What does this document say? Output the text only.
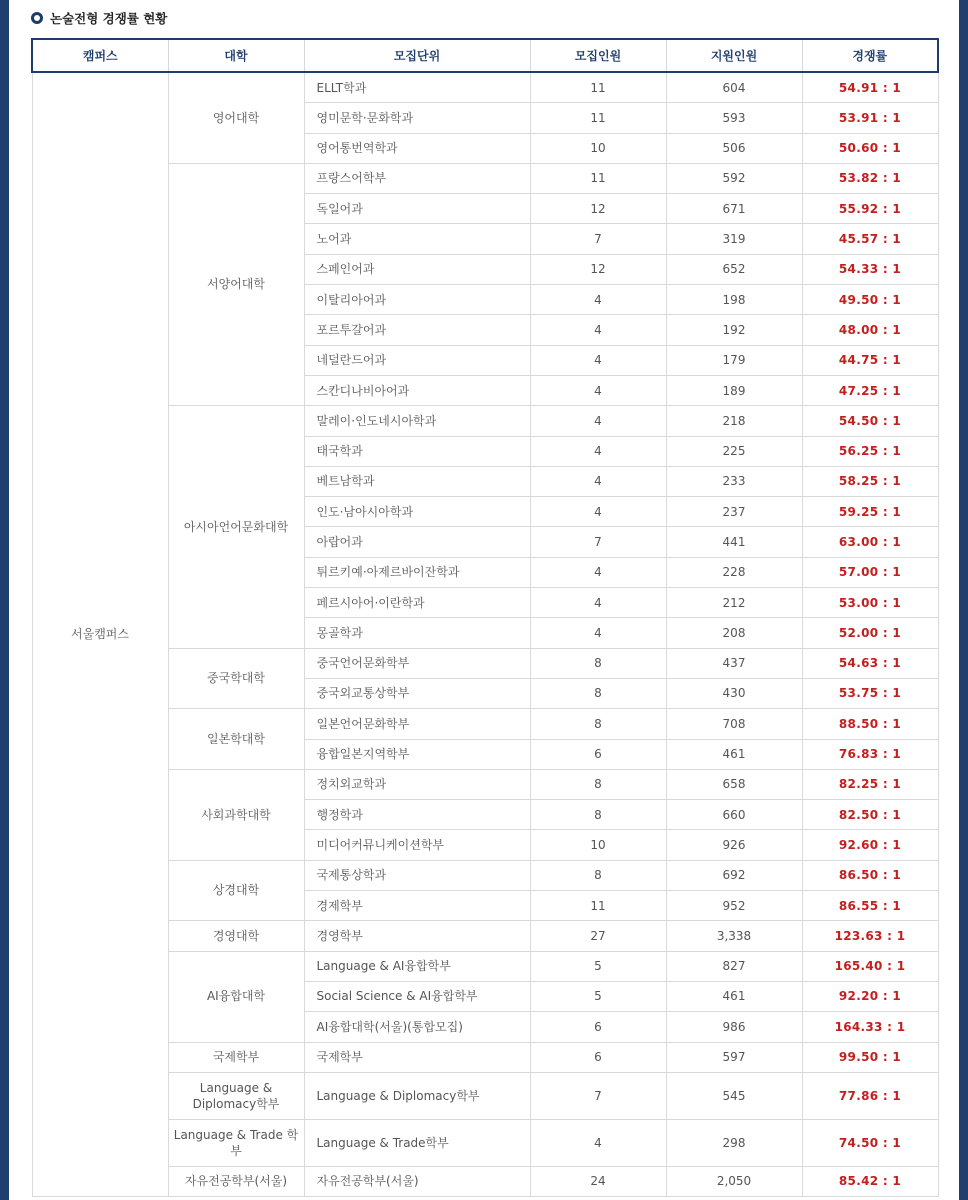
논술전형 경쟁률 현황
캠퍼스	대학	모집단위	모집인원	지원인원	경쟁률
서울캠퍼스	영어대학	ELLT학과	11	604	54.91 : 1
		영미문학·문화학과	11	593	53.91 : 1
		영어통번역학과	10	506	50.60 : 1
	서양어대학	프랑스어학부	11	592	53.82 : 1
		독일어과	12	671	55.92 : 1
		노어과	7	319	45.57 : 1
		스페인어과	12	652	54.33 : 1
		이탈리아어과	4	198	49.50 : 1
		포르투갈어과	4	192	48.00 : 1
		네덜란드어과	4	179	44.75 : 1
		스칸디나비아어과	4	189	47.25 : 1
	아시아언어문화대학	말레이·인도네시아학과	4	218	54.50 : 1
		태국학과	4	225	56.25 : 1
		베트남학과	4	233	58.25 : 1
		인도·남아시아학과	4	237	59.25 : 1
		아랍어과	7	441	63.00 : 1
		튀르키예·아제르바이잔학과	4	228	57.00 : 1
		페르시아어·이란학과	4	212	53.00 : 1
		몽골학과	4	208	52.00 : 1
	중국학대학	중국언어문화학부	8	437	54.63 : 1
		중국외교통상학부	8	430	53.75 : 1
	일본학대학	일본언어문화학부	8	708	88.50 : 1
		융합일본지역학부	6	461	76.83 : 1
	사회과학대학	정치외교학과	8	658	82.25 : 1
		행정학과	8	660	82.50 : 1
		미디어커뮤니케이션학부	10	926	92.60 : 1
	상경대학	국제통상학과	8	692	86.50 : 1
		경제학부	11	952	86.55 : 1
	경영대학	경영학부	27	3,338	123.63 : 1
	AI융합대학	Language & AI융합학부	5	827	165.40 : 1
		Social Science & AI융합학부	5	461	92.20 : 1
		AI융합대학(서울)(통합모집)	6	986	164.33 : 1
	국제학부	국제학부	6	597	99.50 : 1
	Language & Diplomacy학부	Language & Diplomacy학부	7	545	77.86 : 1
	Language & Trade 학부	Language & Trade학부	4	298	74.50 : 1
	자유전공학부(서울)	자유전공학부(서울)	24	2,050	85.42 : 1
